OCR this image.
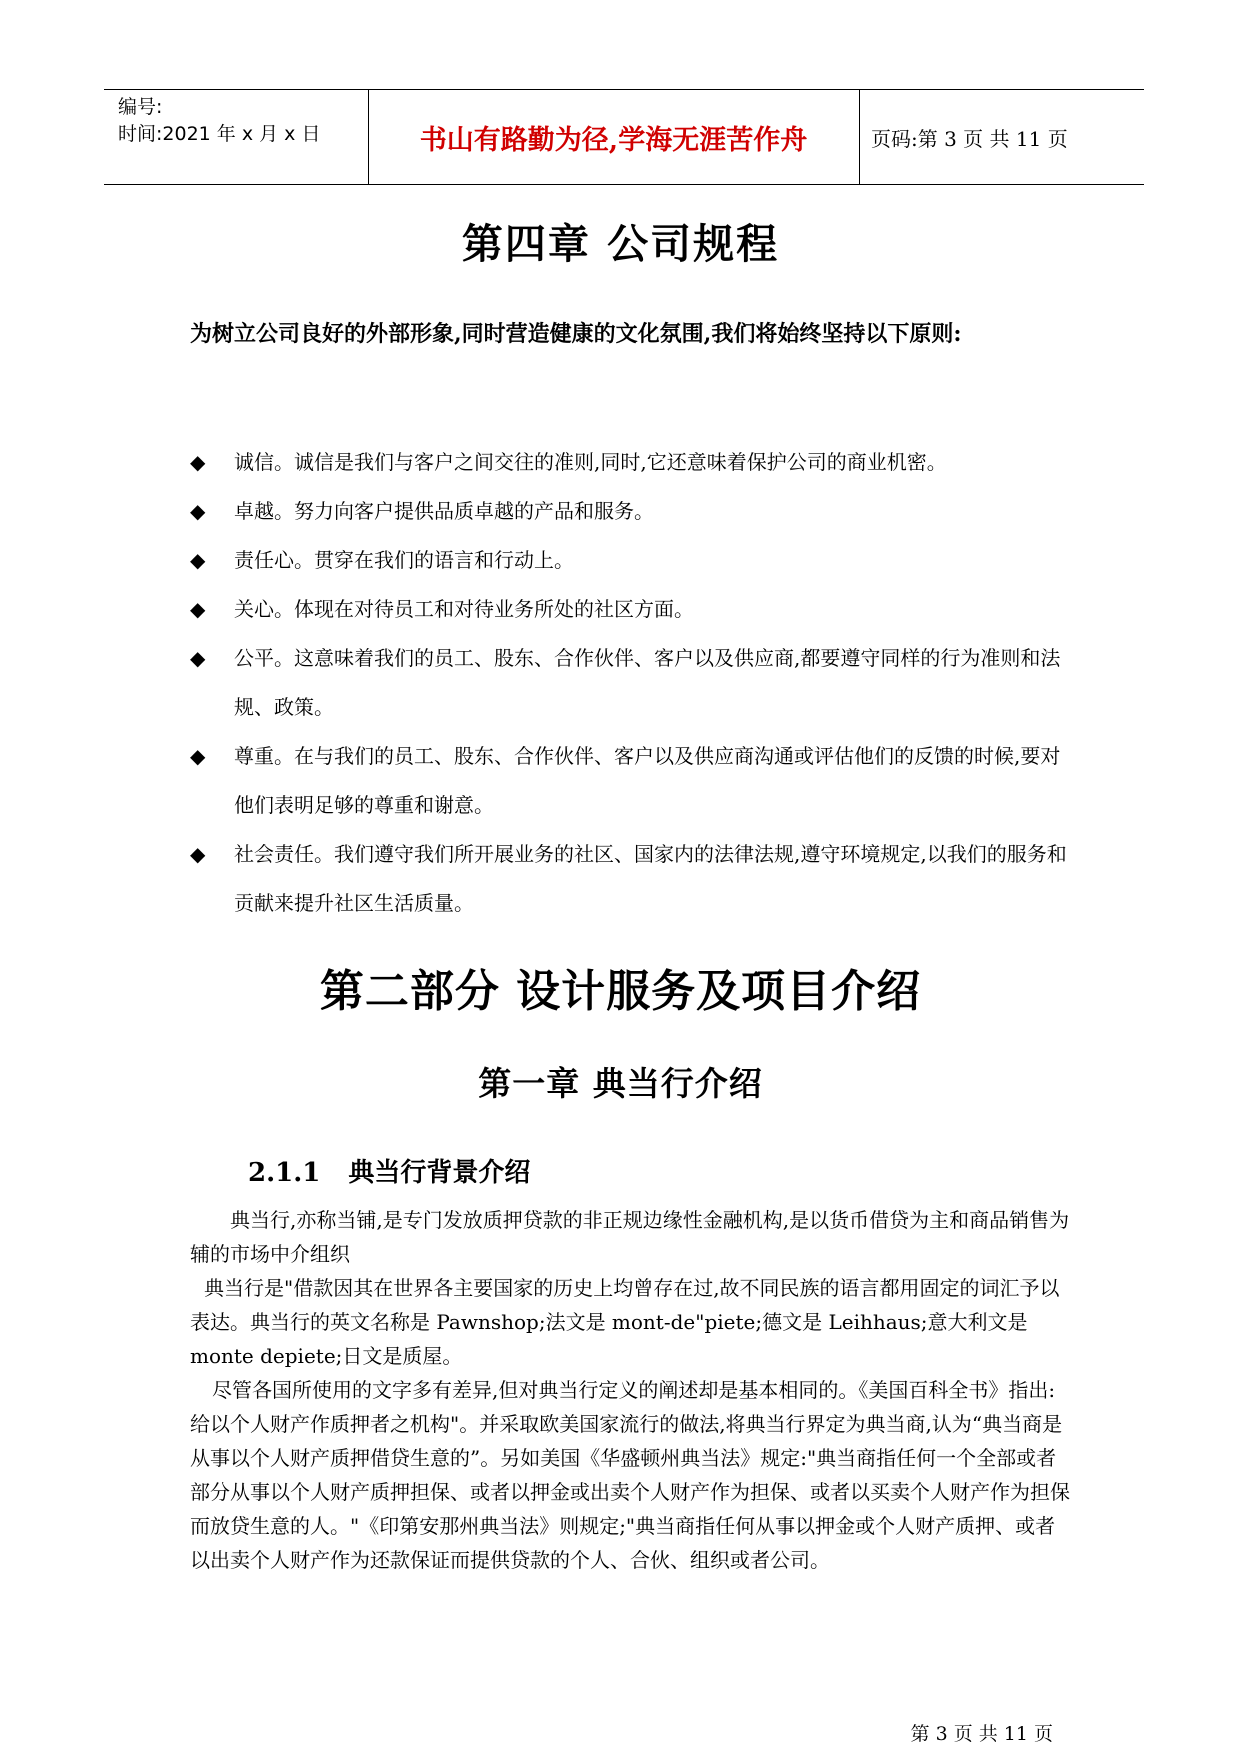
编号:
时间:2021 年 x 月 x 日	书山有路勤为径,学海无涯苦作舟	页码:第 3 页 共 11 页
第四章 公司规程
为树立公司良好的外部形象,同时营造健康的文化氛围,我们将始终坚持以下原则:
◆ 诚信。诚信是我们与客户之间交往的准则,同时,它还意味着保护公司的商业机密。
◆ 卓越。努力向客户提供品质卓越的产品和服务。
◆ 责任心。贯穿在我们的语言和行动上。
◆ 关心。体现在对待员工和对待业务所处的社区方面。
◆ 公平。这意味着我们的员工、股东、合作伙伴、客户以及供应商,都要遵守同样的行为准则和法规、政策。
◆ 尊重。在与我们的员工、股东、合作伙伴、客户以及供应商沟通或评估他们的反馈的时候,要对他们表明足够的尊重和谢意。
◆ 社会责任。我们遵守我们所开展业务的社区、国家内的法律法规,遵守环境规定,以我们的服务和贡献来提升社区生活质量。
第二部分 设计服务及项目介绍
第一章 典当行介绍
2.1.1 典当行背景介绍

典当行,亦称当铺,是专门发放质押贷款的非正规边缘性金融机构,是以货币借贷为主和商品销售为辅的市场中介组织

典当行是"借款因其在世界各主要国家的历史上均曾存在过,故不同民族的语言都用固定的词汇予以表达。典当行的英文名称是 Pawnshop;法文是 mont-de"piete;德文是 Leihhaus;意大利文是 monte depiete;日文是质屋。

尽管各国所使用的文字多有差异,但对典当行定义的阐述却是基本相同的。《美国百科全书》指出:给以个人财产作质押者之机构"。并采取欧美国家流行的做法,将典当行界定为典当商,认为“典当商是从事以个人财产质押借贷生意的”。另如美国《华盛顿州典当法》规定:"典当商指任何一个全部或者部分从事以个人财产质押担保、或者以押金或出卖个人财产作为担保、或者以买卖个人财产作为担保而放贷生意的人。"《印第安那州典当法》则规定;"典当商指任何从事以押金或个人财产质押、或者以出卖个人财产作为还款保证而提供贷款的个人、合伙、组织或者公司。

第 3 页 共 11 页
